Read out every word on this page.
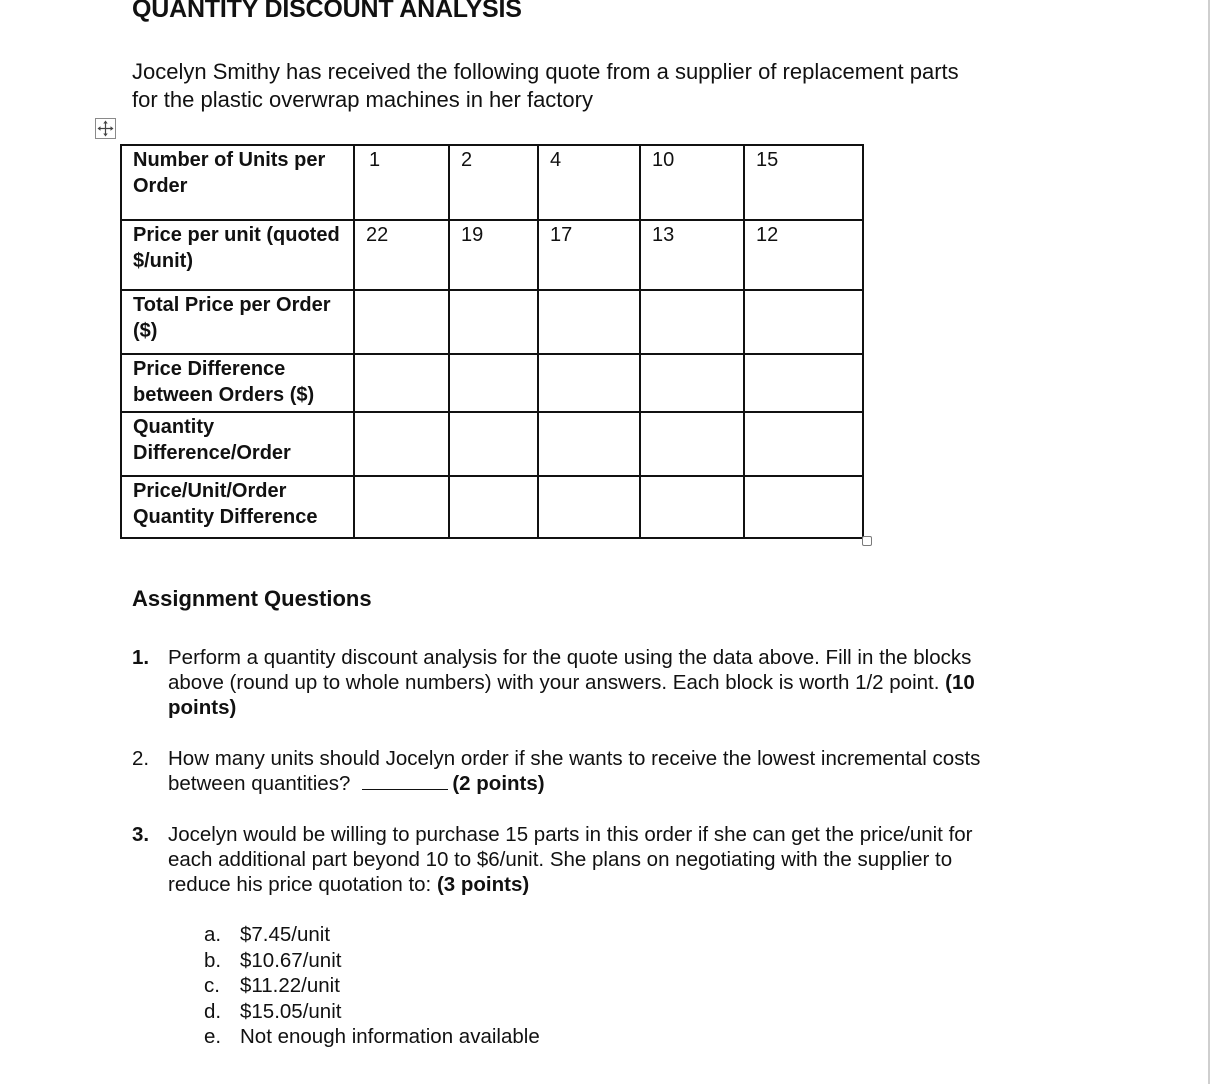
QUANTITY DISCOUNT ANALYSIS

Jocelyn Smithy has received the following quote from a supplier of replacement parts
for the plastic overwrap machines in her factory

Number of Units per Order	1	2	4	10	15
Price per unit (quoted $/unit)	22	19	17	13	12
Total Price per Order ($)					
Price Difference between Orders ($)					
Quantity Difference/Order					
Price/Unit/Order Quantity Difference					
Assignment Questions
1. Perform a quantity discount analysis for the quote using the data above. Fill in the blocks
above (round up to whole numbers) with your answers. Each block is worth 1/2 point. (10
points)
2. How many units should Jocelyn order if she wants to receive the lowest incremental costs
between quantities?	(2 points)
3. Jocelyn would be willing to purchase 15 parts in this order if she can get the price/unit for
each additional part beyond 10 to $6/unit. She plans on negotiating with the supplier to
reduce his price quotation to: (3 points)
a. $7.45/unit
b. $10.67/unit
c. $11.22/unit
d. $15.05/unit
e. Not enough information available
